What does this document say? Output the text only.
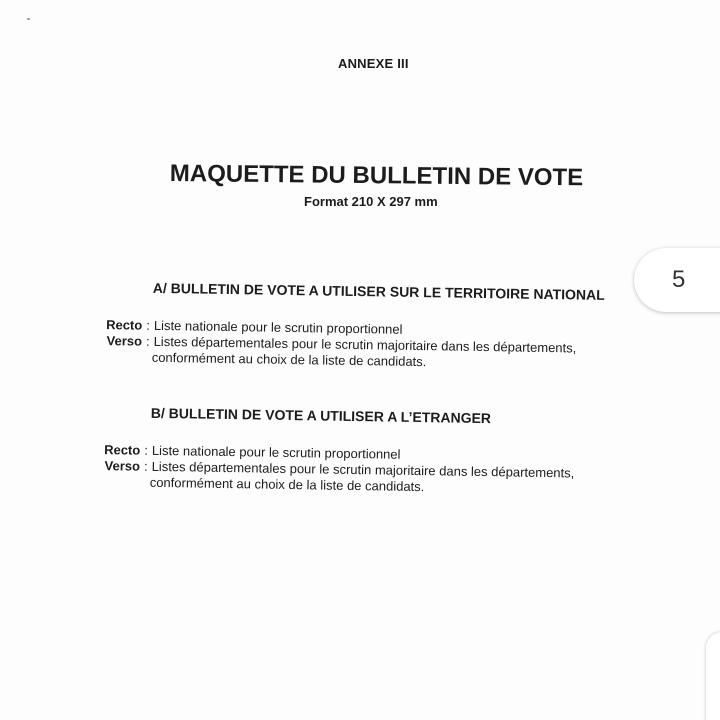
ANNEXE III
MAQUETTE DU BULLETIN DE VOTE
Format 210 X 297 mm
A/ BULLETIN DE VOTE A UTILISER SUR LE TERRITOIRE NATIONAL
Recto : Liste nationale pour le scrutin proportionnel
Verso : Listes départementales pour le scrutin majoritaire dans les départements,
conformément au choix de la liste de candidats.
B/ BULLETIN DE VOTE A UTILISER A L’ETRANGER
Recto : Liste nationale pour le scrutin proportionnel
Verso : Listes départementales pour le scrutin majoritaire dans les départements,
conformément au choix de la liste de candidats.
5
